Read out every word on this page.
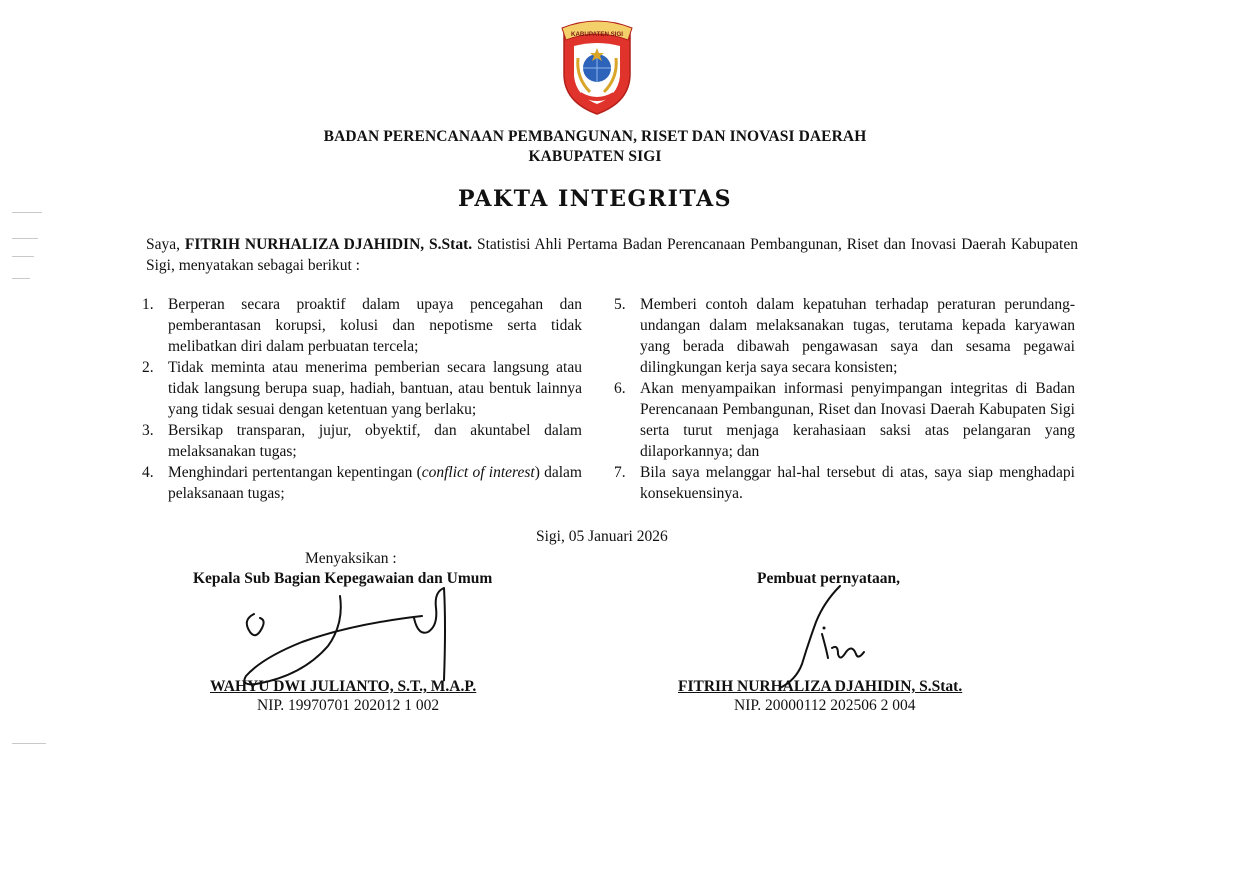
KABUPATEN SIGI
BADAN PERENCANAAN PEMBANGUNAN, RISET DAN INOVASI DAERAH
KABUPATEN SIGI
PAKTA INTEGRITAS
Saya, FITRIH NURHALIZA DJAHIDIN, S.Stat. Statistisi Ahli Pertama Badan Perencanaan Pembangunan, Riset dan Inovasi Daerah Kabupaten Sigi, menyatakan sebagai berikut :
1. Berperan secara proaktif dalam upaya pencegahan dan pemberantasan korupsi, kolusi dan nepotisme serta tidak melibatkan diri dalam perbuatan tercela;
2. Tidak meminta atau menerima pemberian secara langsung atau tidak langsung berupa suap, hadiah, bantuan, atau bentuk lainnya yang tidak sesuai dengan ketentuan yang berlaku;
3. Bersikap transparan, jujur, obyektif, dan akuntabel dalam melaksanakan tugas;
4. Menghindari pertentangan kepentingan (conflict of interest) dalam pelaksanaan tugas;
5. Memberi contoh dalam kepatuhan terhadap peraturan perundang-undangan dalam melaksanakan tugas, terutama kepada karyawan yang berada dibawah pengawasan saya dan sesama pegawai dilingkungan kerja saya secara konsisten;
6. Akan menyampaikan informasi penyimpangan integritas di Badan Perencanaan Pembangunan, Riset dan Inovasi Daerah Kabupaten Sigi serta turut menjaga kerahasiaan saksi atas pelangaran yang dilaporkannya; dan
7. Bila saya melanggar hal-hal tersebut di atas, saya siap menghadapi konsekuensinya.
Sigi, 05 Januari 2026
Menyaksikan :
Kepala Sub Bagian Kepegawaian dan Umum	Pembuat pernyataan,
WAHYU DWI JULIANTO, S.T., M.A.P.
NIP. 19970701 202012 1 002
FITRIH NURHALIZA DJAHIDIN, S.Stat.
NIP. 20000112 202506 2 004
